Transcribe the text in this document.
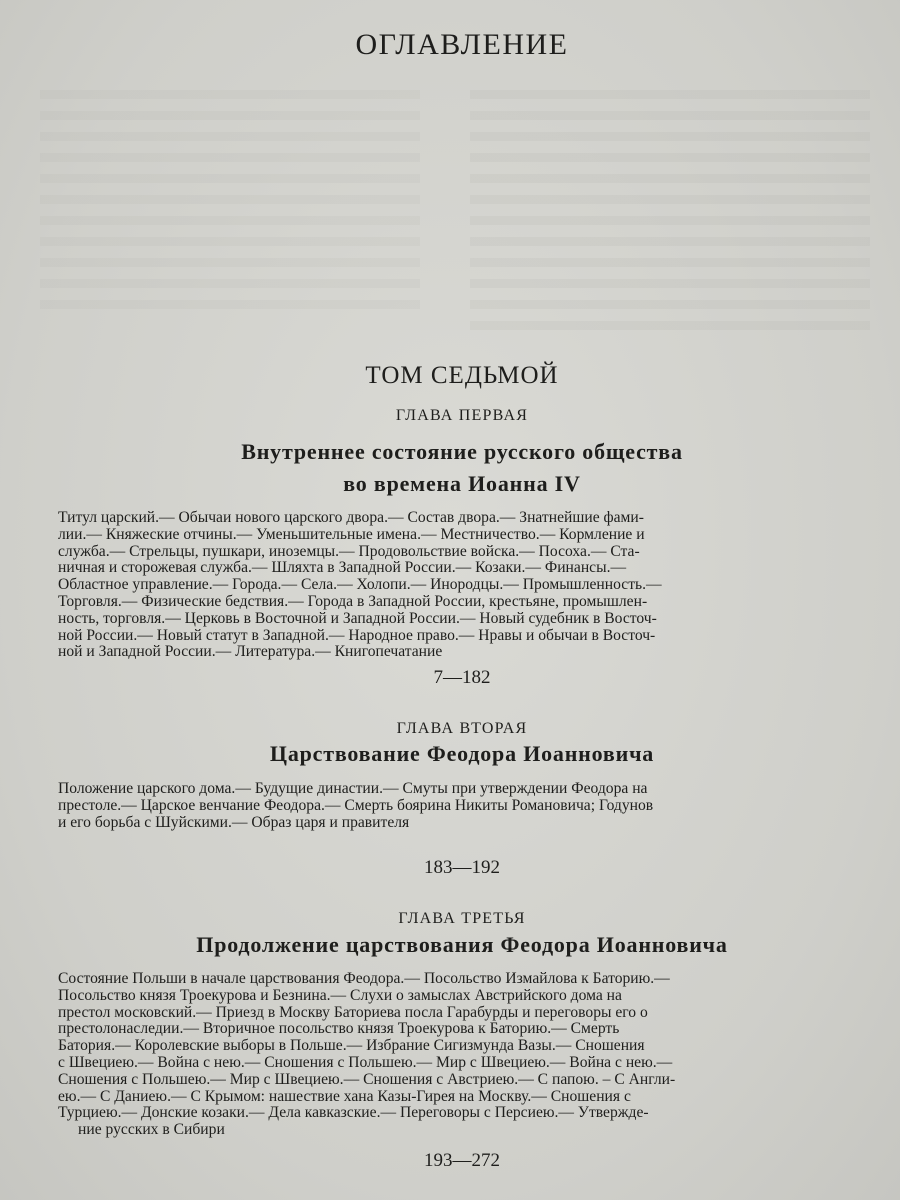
ОГЛАВЛЕНИЕ
ТОМ СЕДЬМОЙ
ГЛАВА ПЕРВАЯ
Внутреннее состояние русского общества
во времена Иоанна IV
Титул царский.— Обычаи нового царского двора.— Состав двора.— Знатнейшие фами-
лии.— Княжеские отчины.— Уменьшительные имена.— Местничество.— Кормление и
служба.— Стрельцы, пушкари, иноземцы.— Продовольствие войска.— Посоха.— Ста-
ничная и сторожевая служба.— Шляхта в Западной России.— Козаки.— Финансы.—
Областное управление.— Города.— Села.— Холопи.— Инородцы.— Промышленность.—
Торговля.— Физические бедствия.— Города в Западной России, крестьяне, промышлен-
ность, торговля.— Церковь в Восточной и Западной России.— Новый судебник в Восточ-
ной России.— Новый статут в Западной.— Народное право.— Нравы и обычаи в Восточ-
ной и Западной России.— Литература.— Книгопечатание
7—182
ГЛАВА ВТОРАЯ
Царствование Феодора Иоанновича
Положение царского дома.— Будущие династии.— Смуты при утверждении Феодора на
престоле.— Царское венчание Феодора.— Смерть боярина Никиты Романовича; Годунов
и его борьба с Шуйскими.— Образ царя и правителя
183—192
ГЛАВА ТРЕТЬЯ
Продолжение царствования Феодора Иоанновича
Состояние Польши в начале царствования Феодора.— Посольство Измайлова к Баторию.—
Посольство князя Троекурова и Безнина.— Слухи о замыслах Австрийского дома на
престол московский.— Приезд в Москву Баториева посла Гарабурды и переговоры его о
престолонаследии.— Вторичное посольство князя Троекурова к Баторию.— Смерть
Батория.— Королевские выборы в Польше.— Избрание Сигизмунда Вазы.— Сношения
с Швециею.— Война с нею.— Сношения с Польшею.— Мир с Швециею.— Война с нею.—
Сношения с Польшею.— Мир с Швециею.— Сношения с Австриею.— С папою. – С Англи-
ею.— С Даниею.— С Крымом: нашествие хана Казы-Гирея на Москву.— Сношения с
Турциею.— Донские козаки.— Дела кавказские.— Переговоры с Персиею.— Утвержде-
ние русских в Сибири
193—272
